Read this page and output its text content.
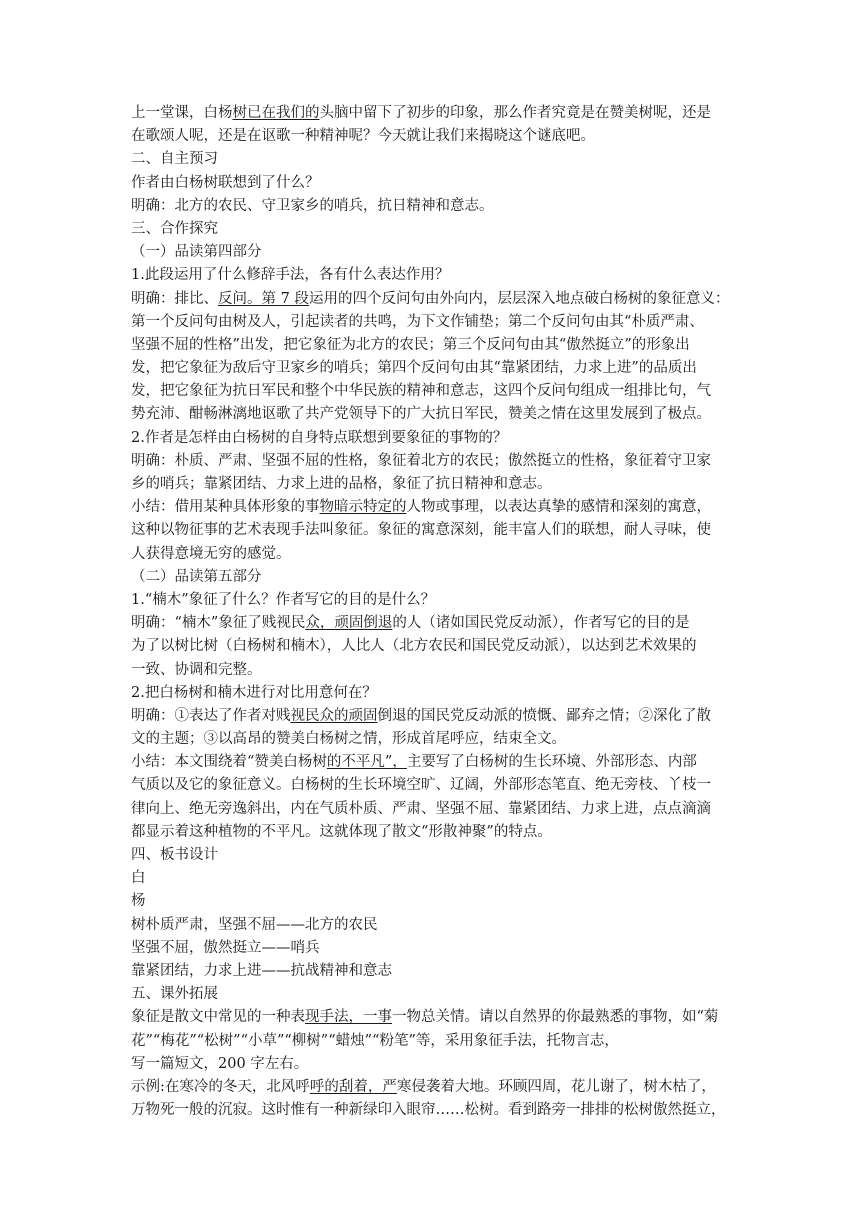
上一堂课，白杨树已在我们的头脑中留下了初步的印象，那么作者究竟是在赞美树呢，还是
在歌颂人呢，还是在讴歌一种精神呢？今天就让我们来揭晓这个谜底吧。
二、自主预习
作者由白杨树联想到了什么？
明确：北方的农民、守卫家乡的哨兵，抗日精神和意志。
三、合作探究
（一）品读第四部分
1.此段运用了什么修辞手法，各有什么表达作用？
明确：排比、反问。第 7 段运用的四个反问句由外向内，层层深入地点破白杨树的象征意义：
第一个反问句由树及人，引起读者的共鸣，为下文作铺垫；第二个反问句由其“朴质严肃、
坚强不屈的性格”出发，把它象征为北方的农民；第三个反问句由其“傲然挺立”的形象出
发，把它象征为敌后守卫家乡的哨兵；第四个反问句由其“靠紧团结，力求上进”的品质出
发，把它象征为抗日军民和整个中华民族的精神和意志，这四个反问句组成一组排比句，气
势充沛、酣畅淋漓地讴歌了共产党领导下的广大抗日军民，赞美之情在这里发展到了极点。
2.作者是怎样由白杨树的自身特点联想到要象征的事物的？
明确：朴质、严肃、坚强不屈的性格，象征着北方的农民；傲然挺立的性格，象征着守卫家
乡的哨兵；靠紧团结、力求上进的品格，象征了抗日精神和意志。
小结：借用某种具体形象的事物暗示特定的人物或事理，以表达真挚的感情和深刻的寓意，
这种以物征事的艺术表现手法叫象征。象征的寓意深刻，能丰富人们的联想，耐人寻味，使
人获得意境无穷的感觉。
（二）品读第五部分
1.“楠木”象征了什么？作者写它的目的是什么？
明确：“楠木”象征了贱视民众，顽固倒退的人（诸如国民党反动派），作者写它的目的是
为了以树比树（白杨树和楠木），人比人（北方农民和国民党反动派），以达到艺术效果的
一致、协调和完整。
2.把白杨树和楠木进行对比用意何在？
明确：①表达了作者对贱视民众的顽固倒退的国民党反动派的愤慨、鄙弃之情；②深化了散
文的主题；③以高昂的赞美白杨树之情，形成首尾呼应，结束全文。
小结：本文围绕着“赞美白杨树的不平凡”，主要写了白杨树的生长环境、外部形态、内部
气质以及它的象征意义。白杨树的生长环境空旷、辽阔，外部形态笔直、绝无旁枝、丫枝一
律向上、绝无旁逸斜出，内在气质朴质、严肃、坚强不屈、靠紧团结、力求上进，点点滴滴
都显示着这种植物的不平凡。这就体现了散文“形散神聚”的特点。
四、板书设计
白
杨
树朴质严肃，坚强不屈——北方的农民
坚强不屈，傲然挺立——哨兵
靠紧团结，力求上进——抗战精神和意志
五、课外拓展
象征是散文中常见的一种表现手法，一事一物总关情。请以自然界的你最熟悉的事物，如“菊
花”“梅花”“松树”“小草”“柳树”“蜡烛”“粉笔”等，采用象征手法，托物言志，
写一篇短文，200 字左右。
示例:在寒冷的冬天，北风呼呼的刮着，严寒侵袭着大地。环顾四周，花儿谢了，树木枯了，
万物死一般的沉寂。这时惟有一种新绿印入眼帘……松树。看到路旁一排排的松树傲然挺立，
